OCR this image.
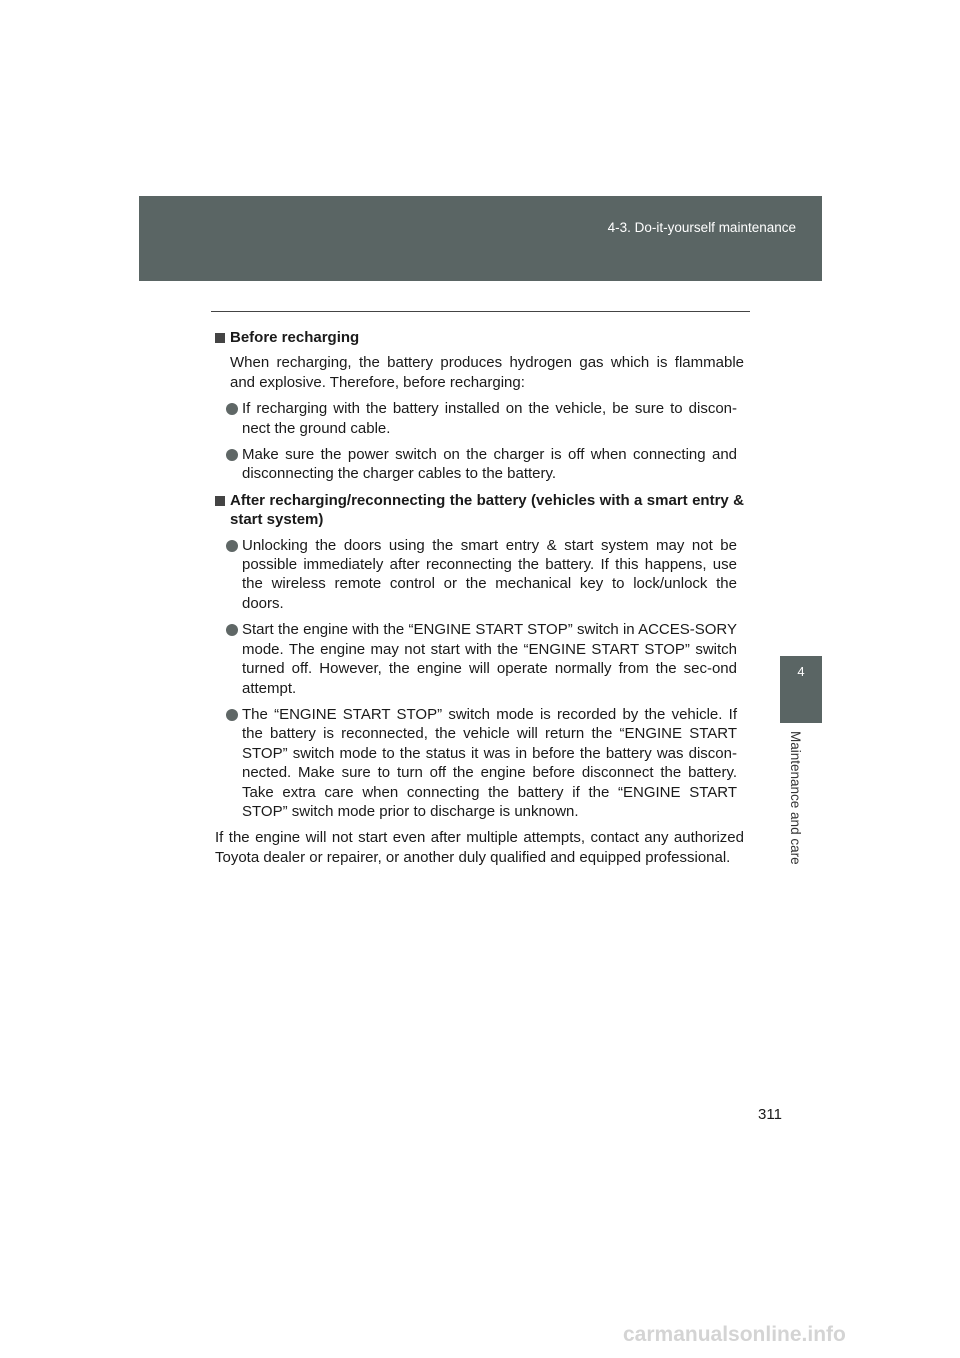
4-3. Do-it-yourself maintenance
4
Maintenance and care
Before recharging
When recharging, the battery produces hydrogen gas which is flammable and explosive. Therefore, before recharging:
If recharging with the battery installed on the vehicle, be sure to discon-nect the ground cable.
Make sure the power switch on the charger is off when connecting and disconnecting the charger cables to the battery.
After recharging/reconnecting the battery (vehicles with a smart entry & start system)
Unlocking the doors using the smart entry & start system may not be possible immediately after reconnecting the battery. If this happens, use the wireless remote control or the mechanical key to lock/unlock the doors.
Start the engine with the “ENGINE START STOP” switch in ACCES-SORY mode. The engine may not start with the “ENGINE START STOP” switch turned off. However, the engine will operate normally from the sec-ond attempt.
The “ENGINE START STOP” switch mode is recorded by the vehicle. If the battery is reconnected, the vehicle will return the “ENGINE START STOP” switch mode to the status it was in before the battery was discon-nected. Make sure to turn off the engine before disconnect the battery. Take extra care when connecting the battery if the “ENGINE START STOP” switch mode prior to discharge is unknown.
If the engine will not start even after multiple attempts, contact any authorized Toyota dealer or repairer, or another duly qualified and equipped professional.
311
carmanualsonline.info
